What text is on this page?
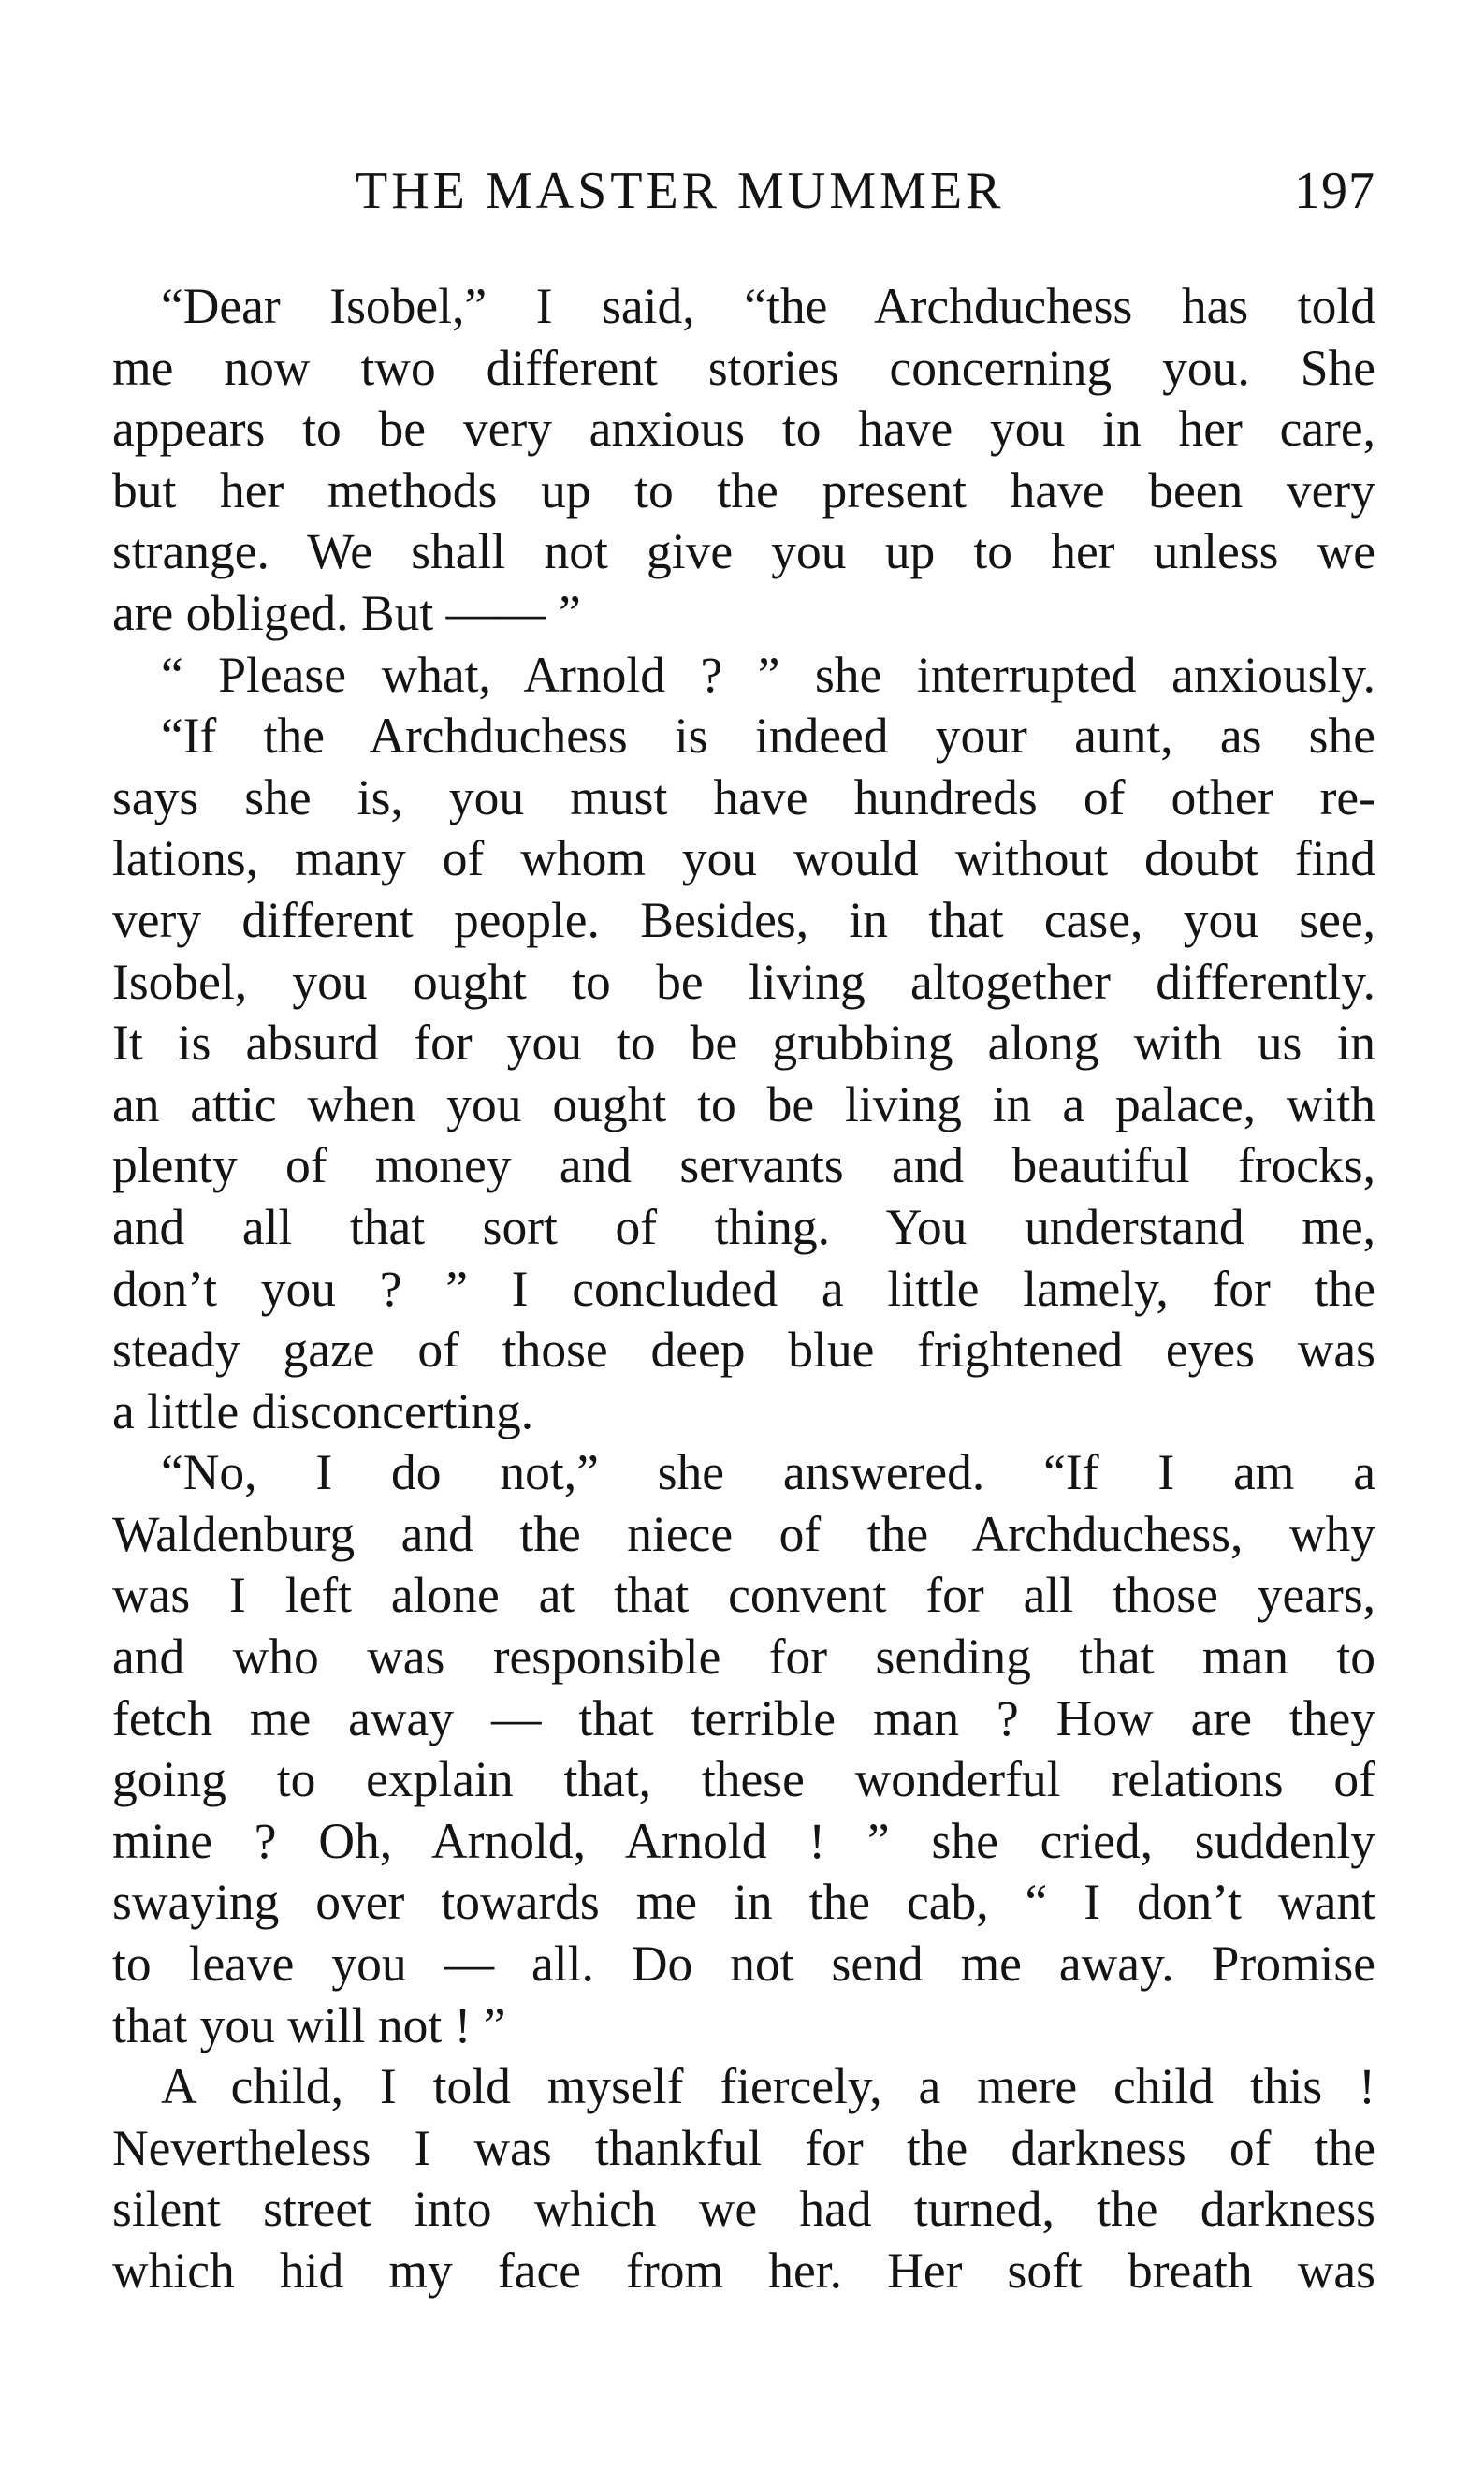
THE MASTER MUMMER	197
“Dear Isobel,” I said, “the Archduchess has told
me now two different stories concerning you. She
appears to be very anxious to have you in her care,
but her methods up to the present have been very
strange. We shall not give you up to her unless we
are obliged. But —— ”
“ Please what, Arnold ? ” she interrupted anxiously.
“If the Archduchess is indeed your aunt, as she
says she is, you must have hundreds of other re-
lations, many of whom you would without doubt find
very different people. Besides, in that case, you see,
Isobel, you ought to be living altogether differently.
It is absurd for you to be grubbing along with us in
an attic when you ought to be living in a palace, with
plenty of money and servants and beautiful frocks,
and all that sort of thing. You understand me,
don’t you ? ” I concluded a little lamely, for the
steady gaze of those deep blue frightened eyes was
a little disconcerting.
“No, I do not,” she answered. “If I am a
Waldenburg and the niece of the Archduchess, why
was I left alone at that convent for all those years,
and who was responsible for sending that man to
fetch me away — that terrible man ? How are they
going to explain that, these wonderful relations of
mine ? Oh, Arnold, Arnold ! ” she cried, suddenly
swaying over towards me in the cab, “ I don’t want
to leave you — all. Do not send me away. Promise
that you will not ! ”
A child, I told myself fiercely, a mere child this !
Nevertheless I was thankful for the darkness of the
silent street into which we had turned, the darkness
which hid my face from her. Her soft breath was
